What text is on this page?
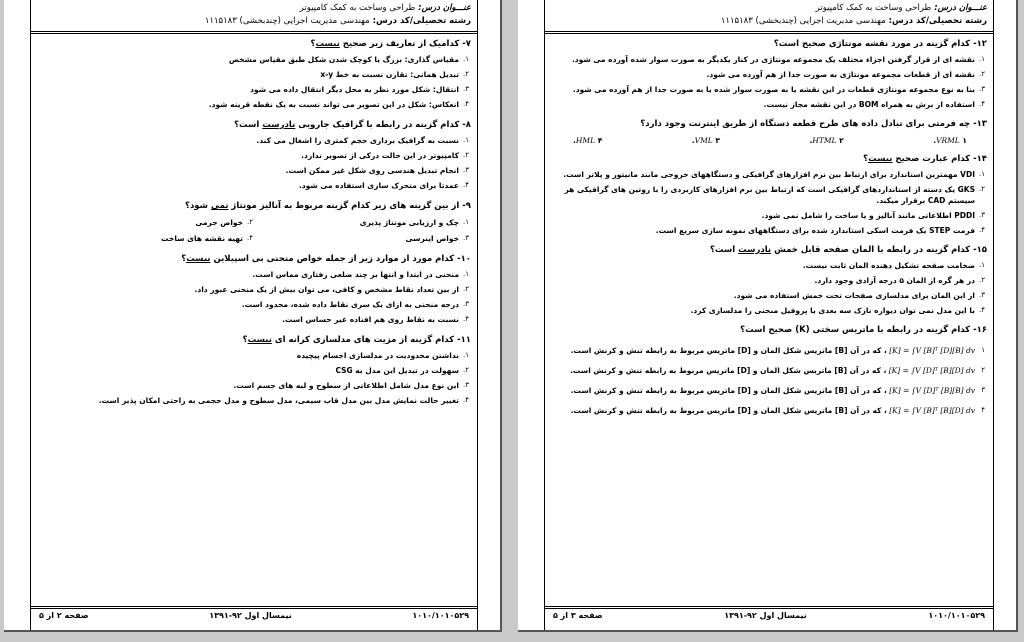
عنـــوان درس: طراحی وساخت به کمک کامپیوتر
رشته تحصیلی/کد درس: مهندسی مدیریت اجرایی (چندبخشی) ۱۱۱۵۱۸۳
۷- کدامیک از تعاریف زیر صحیح نیست؟
۱.
مقیاس گذاری: بزرگ یا کوچک شدن شکل طبق مقیاس مشخص
۲.
تبدیل همانی: تقارن نسبت به خط x-y
۳.
انتقال: شکل مورد نظر به محل دیگر انتقال داده می شود
۴.
انعکاس: شکل در این تصویر می تواند نسبت به یک نقطه قرینه شود.
۸- کدام گزینه در رابطه با گرافیک جاروبی نادرست است؟
۱.
نسبت به گرافیک برداری حجم کمتری را اشغال می کند.
۲.
کامپیوتر در این حالت درکی از تصویر ندارد.
۳.
انجام تبدیل هندسی روی شکل غیر ممکن است.
۴.
عمدتا برای متحرک سازی استفاده می شود.
۹- از بین گزینه های زیر کدام گزینه مربوط به آنالیز مونتاژ نمی شود؟
۱.
چک و ارزیابی مونتاژ پذیری
۲.
خواص جرمی
۳.
خواص اینرسی
۴.
تهیه نقشه های ساخت
۱۰- کدام مورد از موارد زیر از جمله خواص منحنی بی اسپیلاین نیست؟
۱.
منحنی در ابتدا و انتها بر چند ضلعی رفتاری مماس است.
۲.
از بین تعداد نقاط مشخص و کافی، می توان بیش از یک منحنی عبور داد.
۳.
درجه منحنی به ازای یک سری نقاط داده شده، محدود است.
۴.
نسبت به نقاط روی هم افتاده غیر حساس است.
۱۱- کدام گزینه از مزیت های مدلسازی کرانه ای نیست؟
۱.
نداشتن محدودیت در مدلسازی اجسام پیچیده
۲.
سهولت در تبدیل این مدل به CSG
۳.
این نوع مدل شامل اطلاعاتی از سطوح و لبه های جسم است.
۴.
تغییر حالت نمایش مدل بین مدل قاب سیمی، مدل سطوح و مدل حجمی به راحتی امکان پذیر است.
۱۰۱۰/۱۰۱۰۵۲۹
نیمسال اول ۹۲-۱۳۹۱
صفحه ۲ از ۵
عنـــوان درس: طراحی وساخت به کمک کامپیوتر
رشته تحصیلی/کد درس: مهندسی مدیریت اجرایی (چندبخشی) ۱۱۱۵۱۸۳
۱۲- کدام گزینه در مورد نقشه مونتاژی صحیح است؟
۱.
نقشه ای از قرار گرفتن اجزاء مختلف یک مجموعه مونتاژی در کنار یکدیگر به صورت سوار شده آورده می شود.
۲.
نقشه ای از قطعات مجموعه مونتاژی به صورت جدا از هم آورده می شود.
۳.
بنا به نوع مجموعه مونتاژی قطعات در این نقشه یا به صورت سوار شده یا به صورت جدا از هم آورده می شود.
۴.
استفاده از برش به همراه BOM در این نقشه مجاز نیست.
۱۳- چه فرمتی برای تبادل داده های طرح قطعه دستگاه از طریق اینترنت وجود دارد؟
VRML ۱.
HTML ۲.
VML ۳.
HML ۴.
۱۴- کدام عبارت صحیح نیست؟
۱.
VDI مهمترین استاندارد برای ارتباط بین نرم افزارهای گرافیکی و دستگاههای خروجی مانند مانیتور و پلاتر است.
۲.
GKS یک دسته از استانداردهای گرافیکی است که ارتباط بین نرم افزارهای کاربردی را با روتین های گرافیکی هر سیستم CAD برقرار میکند.
۳.
PDDI اطلاعاتی مانند آنالیز و یا ساخت را شامل نمی شود.
۴.
فرمت STEP یک فرمت اسکی استاندارد شده برای دستگاههای نمونه سازی سریع است.
۱۵- کدام گزینه در رابطه با المان صفحه قابل خمش نادرست است؟
۱.
ضخامت صفحه تشکیل دهنده المان ثابت نیست.
۲.
در هر گره از المان ۵ درجه آزادی وجود دارد.
۳.
از این المان برای مدلسازی صفحات تحت خمش استفاده می شود.
۴.
با این مدل نمی توان دیواره نازک سه بعدی یا پروفیل منحنی را مدلسازی کرد.
۱۶- کدام گزینه در رابطه با ماتریس سختی (K) صحیح است؟
۱
[K] = ∫V [B]ᵀ [D][B] dv ، که در آن [B] ماتریس شکل المان و [D] ماتریس مربوط به رابطه تنش و کرنش است.
۲
[K] = ∫V [D]ᵀ [B][D] dv ، که در آن [B] ماتریس شکل المان و [D] ماتریس مربوط به رابطه تنش و کرنش است.
۳
[K] = ∫V [D]ᵀ [B][B] dv ، که در آن [B] ماتریس شکل المان و [D] ماتریس مربوط به رابطه تنش و کرنش است.
۴
[K] = ∫V [B]ᵀ [B][D] dv ، که در آن [B] ماتریس شکل المان و [D] ماتریس مربوط به رابطه تنش و کرنش است.
۱۰۱۰/۱۰۱۰۵۲۹
نیمسال اول ۹۲-۱۳۹۱
صفحه ۳ از ۵
